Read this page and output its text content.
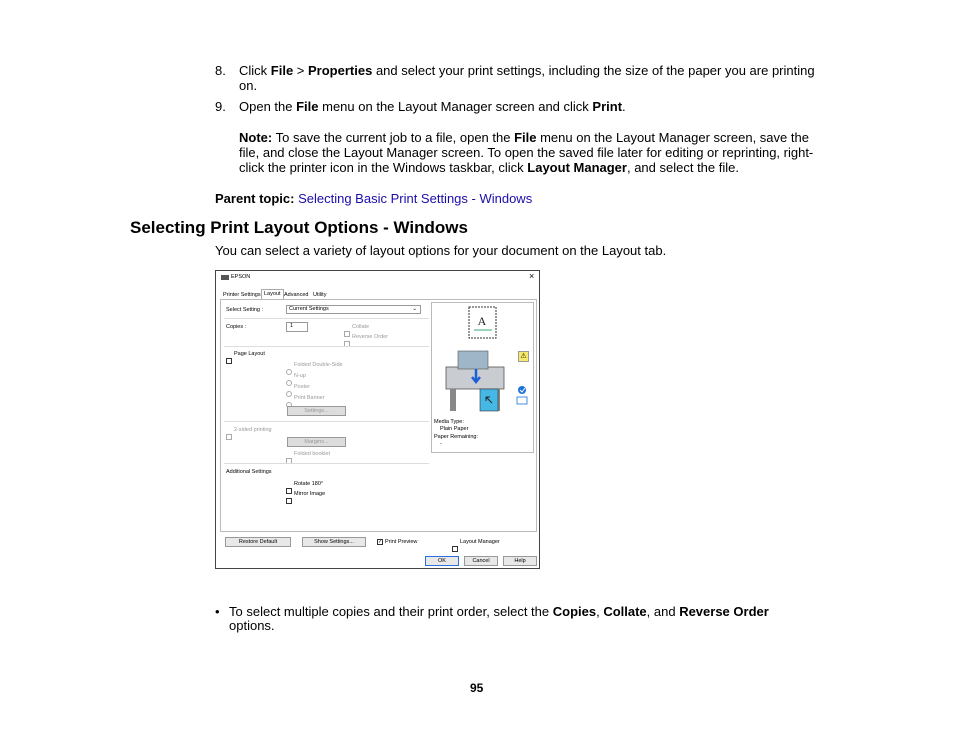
8. Click File > Properties and select your print settings, including the size of the paper you are printing
on.
9. Open the File menu on the Layout Manager screen and click Print.
Note: To save the current job to a file, open the File menu on the Layout Manager screen, save the
file, and close the Layout Manager screen. To open the saved file later for editing or reprinting, right-
click the printer icon in the Windows taskbar, click Layout Manager, and select the file.
Parent topic: Selecting Basic Print Settings - Windows
Selecting Print Layout Options - Windows
You can select a variety of layout options for your document on the Layout tab.
EPSON	×
Printer Settings Layout Advanced Utility
Select Setting :	Current Settings	⌄
Copies :	1	Collate
Reverse Order
Page Layout
Folded Double-Side
N-up
Poster
Print Banner
Settings...
2-sided printing
Margins...
Folded booklet
Additional Settings
Rotate 180°
Mirror Image
A
⚠
Media Type:
Plain Paper
Paper Remaining:
-
Restore Default	Show Settings...	✓ Print Preview	Layout Manager
OK	Cancel	Help
• To select multiple copies and their print order, select the Copies, Collate, and Reverse Order
options.
95
